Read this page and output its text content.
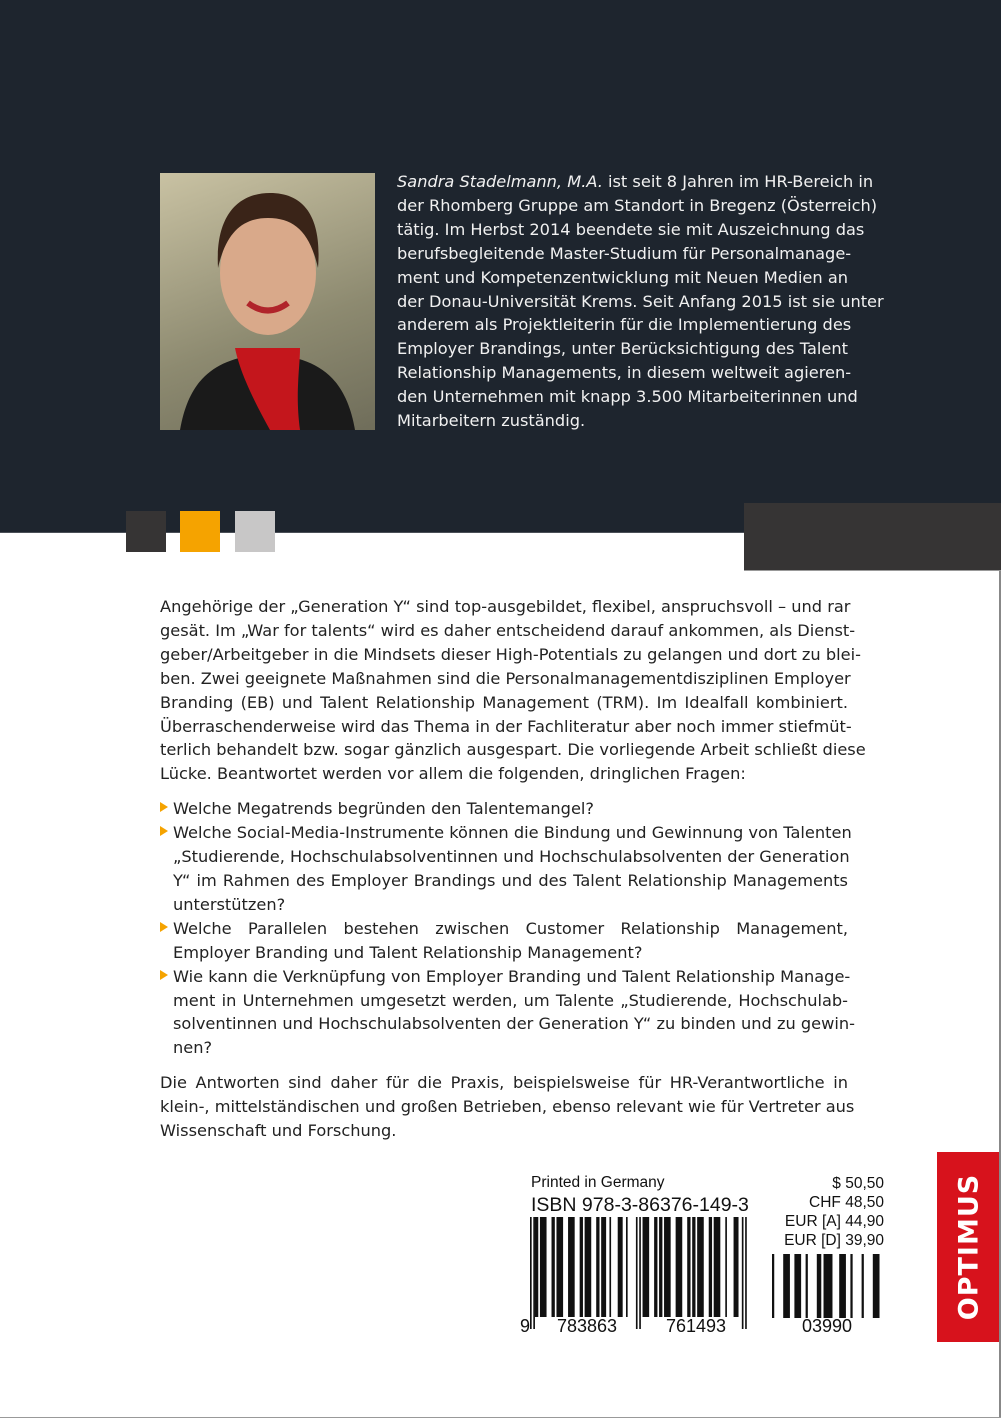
Sandra Stadelmann, M.A. ist seit 8 Jahren im HR-Bereich in
der Rhomberg Gruppe am Standort in Bregenz (Österreich)
tätig. Im Herbst 2014 beendete sie mit Auszeichnung das
berufsbegleitende Master-Studium für Personalmanage-
ment und Kompetenzentwicklung mit Neuen Medien an
der Donau-Universität Krems. Seit Anfang 2015 ist sie unter
anderem als Projektleiterin für die Implementierung des
Employer Brandings, unter Berücksichtigung des Talent
Relationship Managements, in diesem weltweit agieren-
den Unternehmen mit knapp 3.500 Mitarbeiterinnen und
Mitarbeitern zuständig.

Angehörige der „Generation Y“ sind top-ausgebildet, flexibel, anspruchsvoll – und rar
gesät. Im „War for talents“ wird es daher entscheidend darauf ankommen, als Dienst-
geber/Arbeitgeber in die Mindsets dieser High-Potentials zu gelangen und dort zu blei-
ben. Zwei geeignete Maßnahmen sind die Personalmanagementdisziplinen Employer
Branding (EB) und Talent Relationship Management (TRM). Im Idealfall kombiniert.
Überraschenderweise wird das Thema in der Fachliteratur aber noch immer stiefmüt-
terlich behandelt bzw. sogar gänzlich ausgespart. Die vorliegende Arbeit schließt diese
Lücke. Beantwortet werden vor allem die folgenden, dringlichen Fragen:

Welche Megatrends begründen den Talentemangel?
Welche Social-Media-Instrumente können die Bindung und Gewinnung von Talenten
„Studierende, Hochschulabsolventinnen und Hochschulabsolventen der Generation
Y“ im Rahmen des Employer Brandings und des Talent Relationship Managements
unterstützen?
Welche Parallelen bestehen zwischen Customer Relationship Management,
Employer Branding und Talent Relationship Management?
Wie kann die Verknüpfung von Employer Branding und Talent Relationship Manage-
ment in Unternehmen umgesetzt werden, um Talente „Studierende, Hochschulab-
solventinnen und Hochschulabsolventen der Generation Y“ zu binden und zu gewin-
nen?

Die Antworten sind daher für die Praxis, beispielsweise für HR-Verantwortliche in
klein-, mittelständischen und großen Betrieben, ebenso relevant wie für Vertreter aus
Wissenschaft und Forschung.

Printed in Germany
ISBN 978-3-86376-149-3
$ 50,50
CHF 48,50
EUR [A] 44,90
EUR [D] 39,90
9 783863	761493	03990
OPTIMUS
